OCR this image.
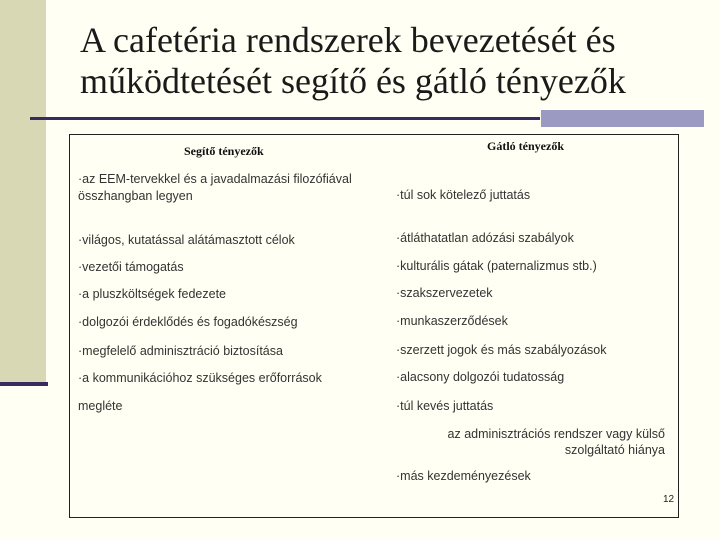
A cafetéria rendszerek bevezetését és
működtetését segítő és gátló tényezők
Segítő tényezők	Gátló tényezők
·az EEM-tervekkel és a javadalmazási filozófiával
összhangban legyen
·világos, kutatással alátámasztott célok
·vezetői támogatás
·a pluszköltségek fedezete
·dolgozói érdeklődés és fogadókészség
·megfelelő adminisztráció biztosítása
·a kommunikációhoz szükséges erőforrások
megléte
·túl sok kötelező juttatás
·átláthatatlan adózási szabályok
·kulturális gátak (paternalizmus stb.)
·szakszervezetek
·munkaszerződések
·szerzett jogok és más szabályozások
·alacsony dolgozói tudatosság
·túl kevés juttatás
az adminisztrációs rendszer vagy külső
szolgáltató hiánya
·más kezdeményezések
12
